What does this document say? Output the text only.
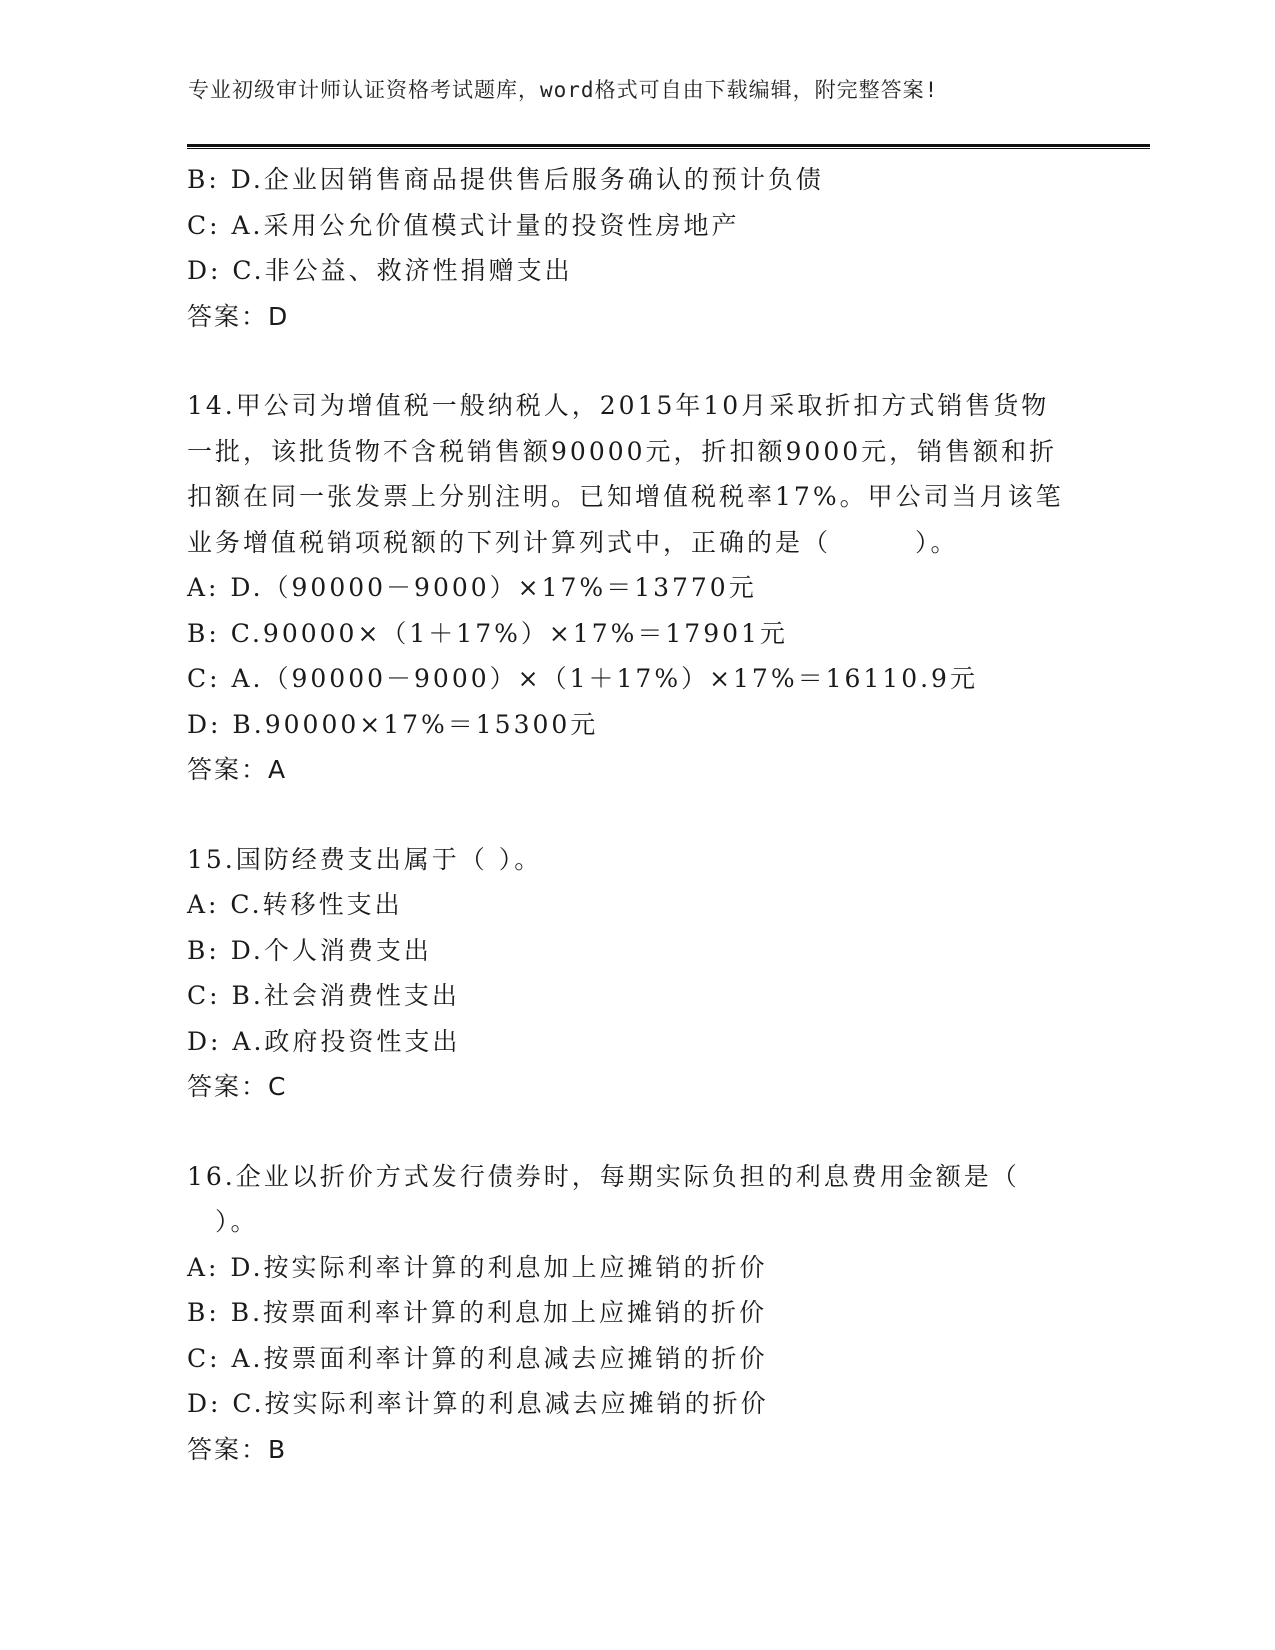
专业初级审计师认证资格考试题库，word格式可自由下载编辑，附完整答案!
B: D.企业因销售商品提供售后服务确认的预计负债
C: A.采用公允价值模式计量的投资性房地产
D: C.非公益、救济性捐赠支出
答案：D
14.甲公司为增值税一般纳税人，2015年10月采取折扣方式销售货物
一批，该批货物不含税销售额90000元，折扣额9000元，销售额和折
扣额在同一张发票上分别注明。已知增值税税率17%。甲公司当月该笔
业务增值税销项税额的下列计算列式中，正确的是（　　　）。
A: D.（90000－9000）×17%＝13770元
B: C.90000×（1＋17%）×17%＝17901元
C: A.（90000－9000）×（1＋17%）×17%＝16110.9元
D: B.90000×17%＝15300元
答案：A
15.国防经费支出属于（ ）。
A: C.转移性支出
B: D.个人消费支出
C: B.社会消费性支出
D: A.政府投资性支出
答案：C
16.企业以折价方式发行债券时，每期实际负担的利息费用金额是（
　）。
A: D.按实际利率计算的利息加上应摊销的折价
B: B.按票面利率计算的利息加上应摊销的折价
C: A.按票面利率计算的利息减去应摊销的折价
D: C.按实际利率计算的利息减去应摊销的折价
答案：B
